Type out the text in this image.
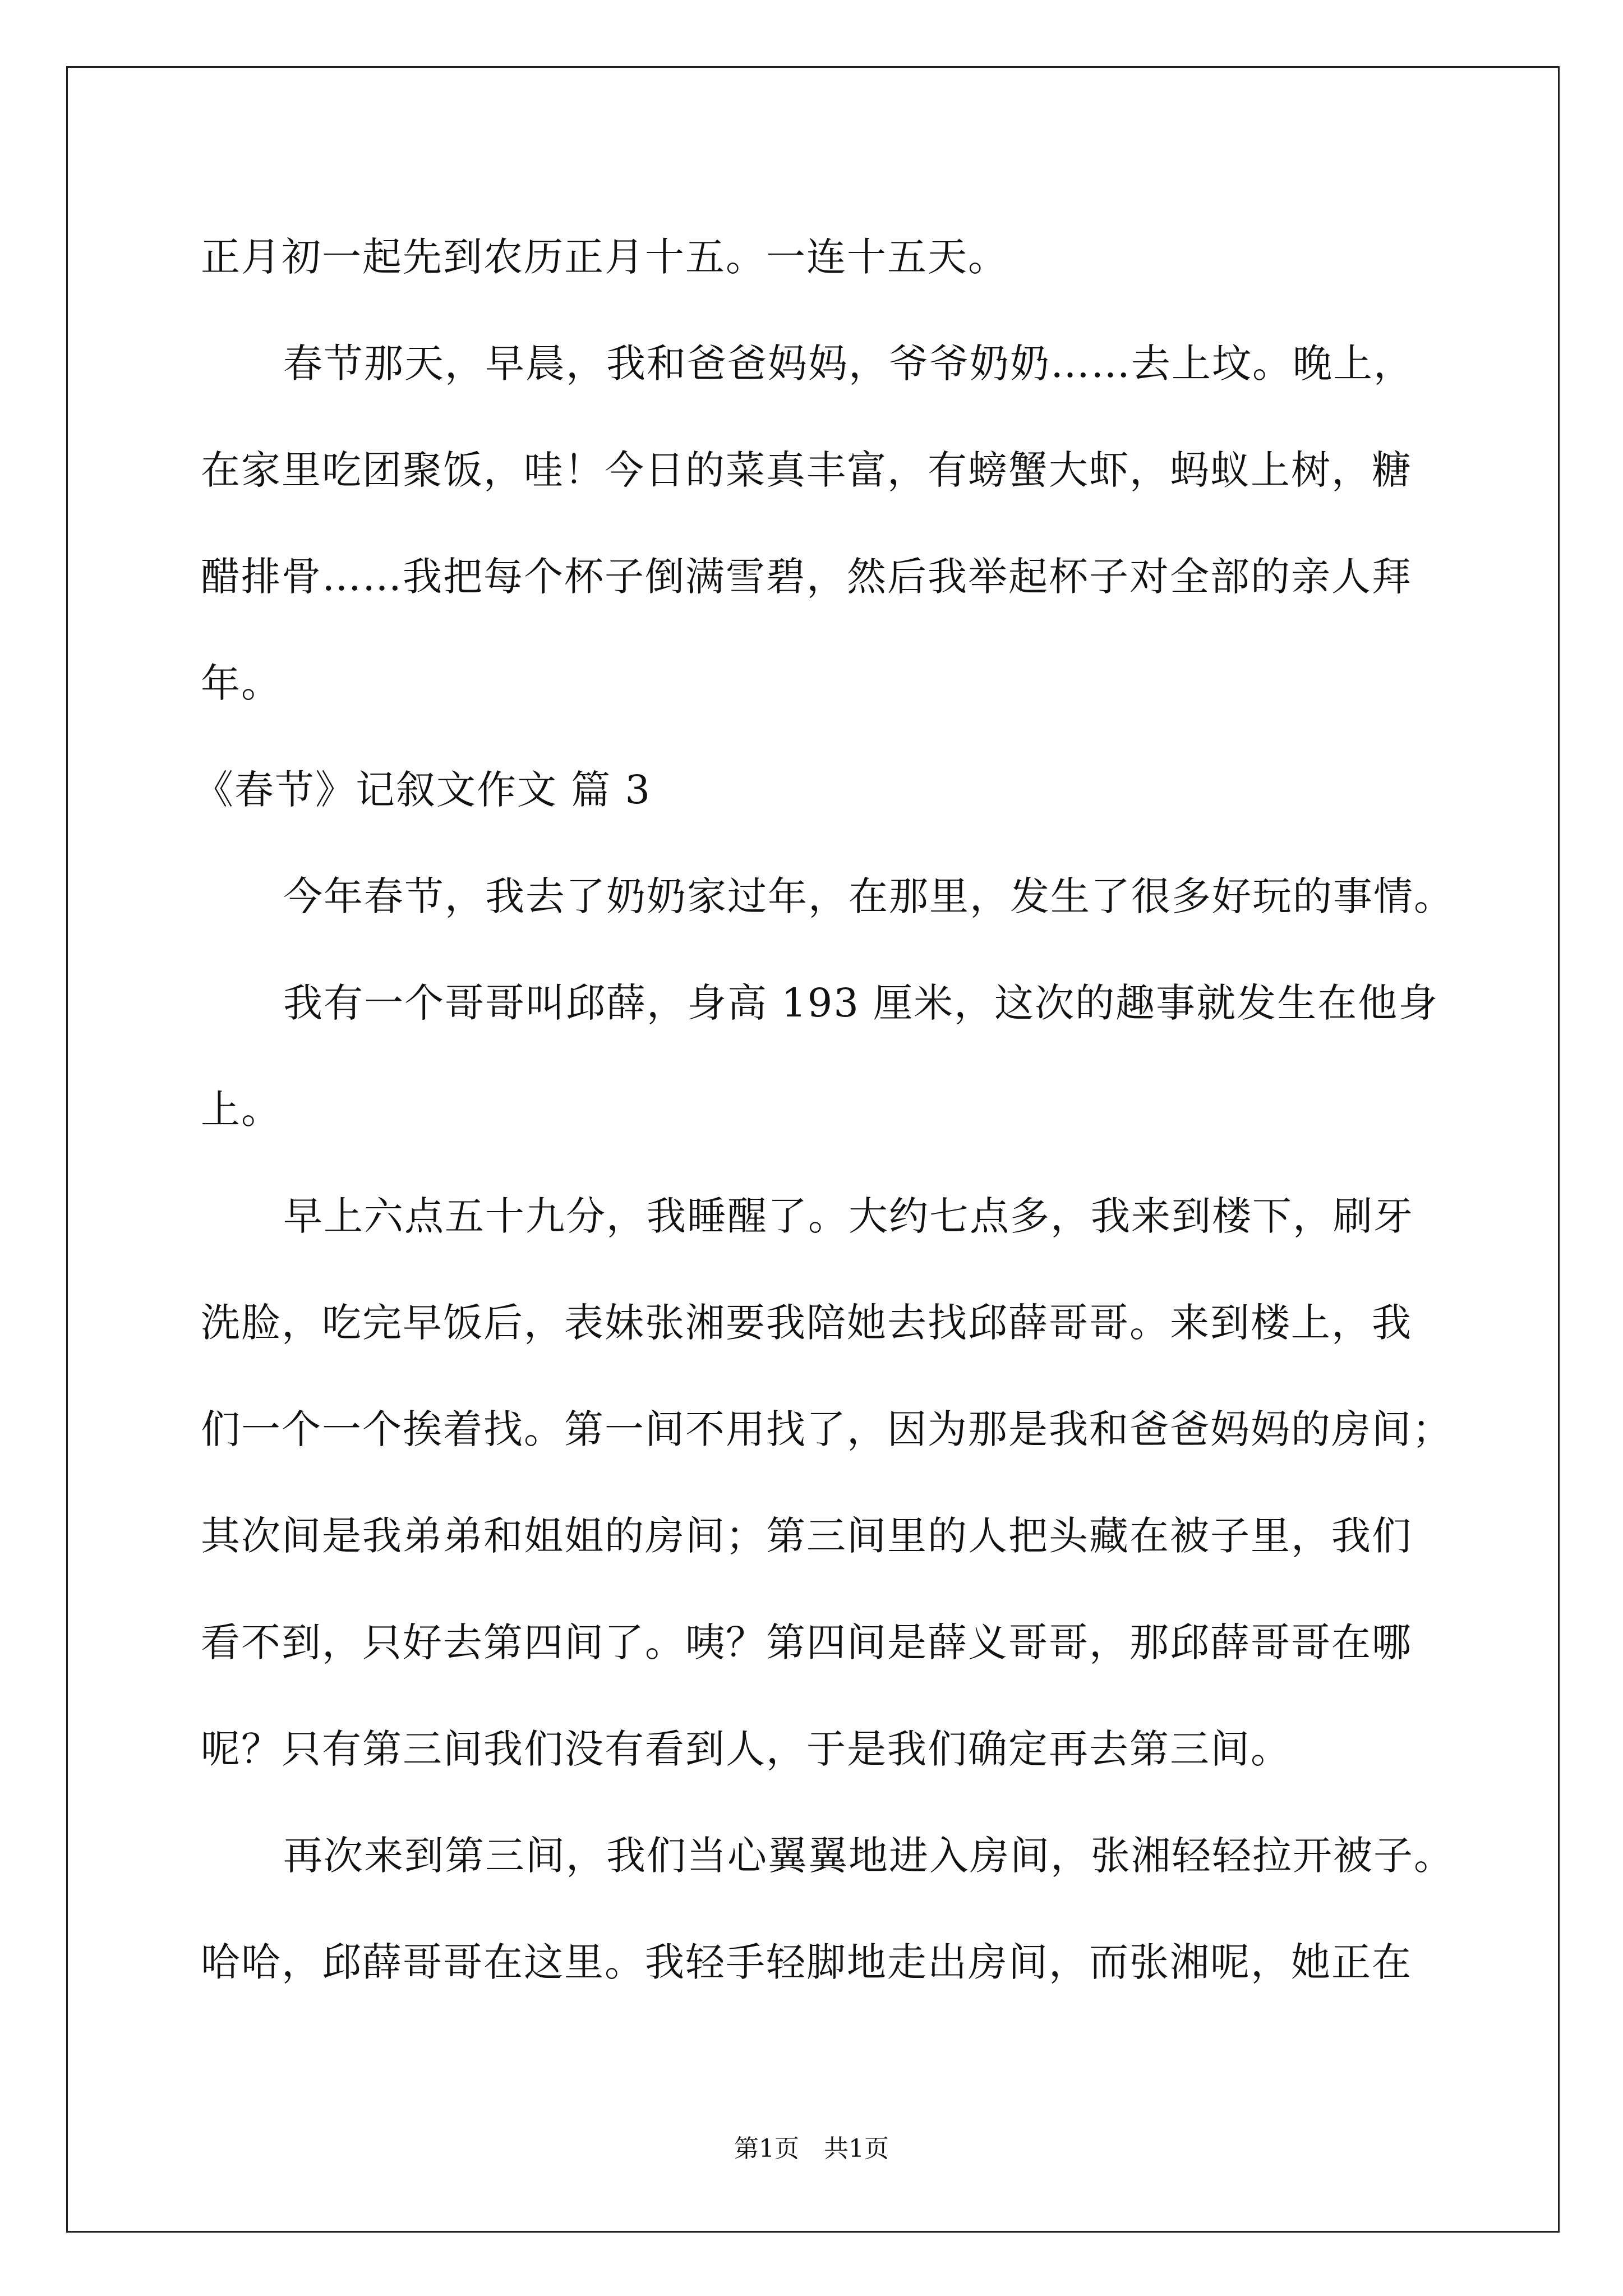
正月初一起先到农历正月十五。一连十五天。
春节那天，早晨，我和爸爸妈妈，爷爷奶奶……去上坟。晚上，
在家里吃团聚饭，哇！今日的菜真丰富，有螃蟹大虾，蚂蚁上树，糖
醋排骨……我把每个杯子倒满雪碧，然后我举起杯子对全部的亲人拜
年。
《春节》记叙文作文 篇 3
今年春节，我去了奶奶家过年，在那里，发生了很多好玩的事情。
我有一个哥哥叫邱薛，身高 193 厘米，这次的趣事就发生在他身
上。
早上六点五十九分，我睡醒了。大约七点多，我来到楼下，刷牙
洗脸，吃完早饭后，表妹张湘要我陪她去找邱薛哥哥。来到楼上，我
们一个一个挨着找。第一间不用找了，因为那是我和爸爸妈妈的房间；
其次间是我弟弟和姐姐的房间；第三间里的人把头藏在被子里，我们
看不到，只好去第四间了。咦？第四间是薛义哥哥，那邱薛哥哥在哪
呢？只有第三间我们没有看到人，于是我们确定再去第三间。
再次来到第三间，我们当心翼翼地进入房间，张湘轻轻拉开被子。
哈哈，邱薛哥哥在这里。我轻手轻脚地走出房间，而张湘呢，她正在
第1页　共1页
